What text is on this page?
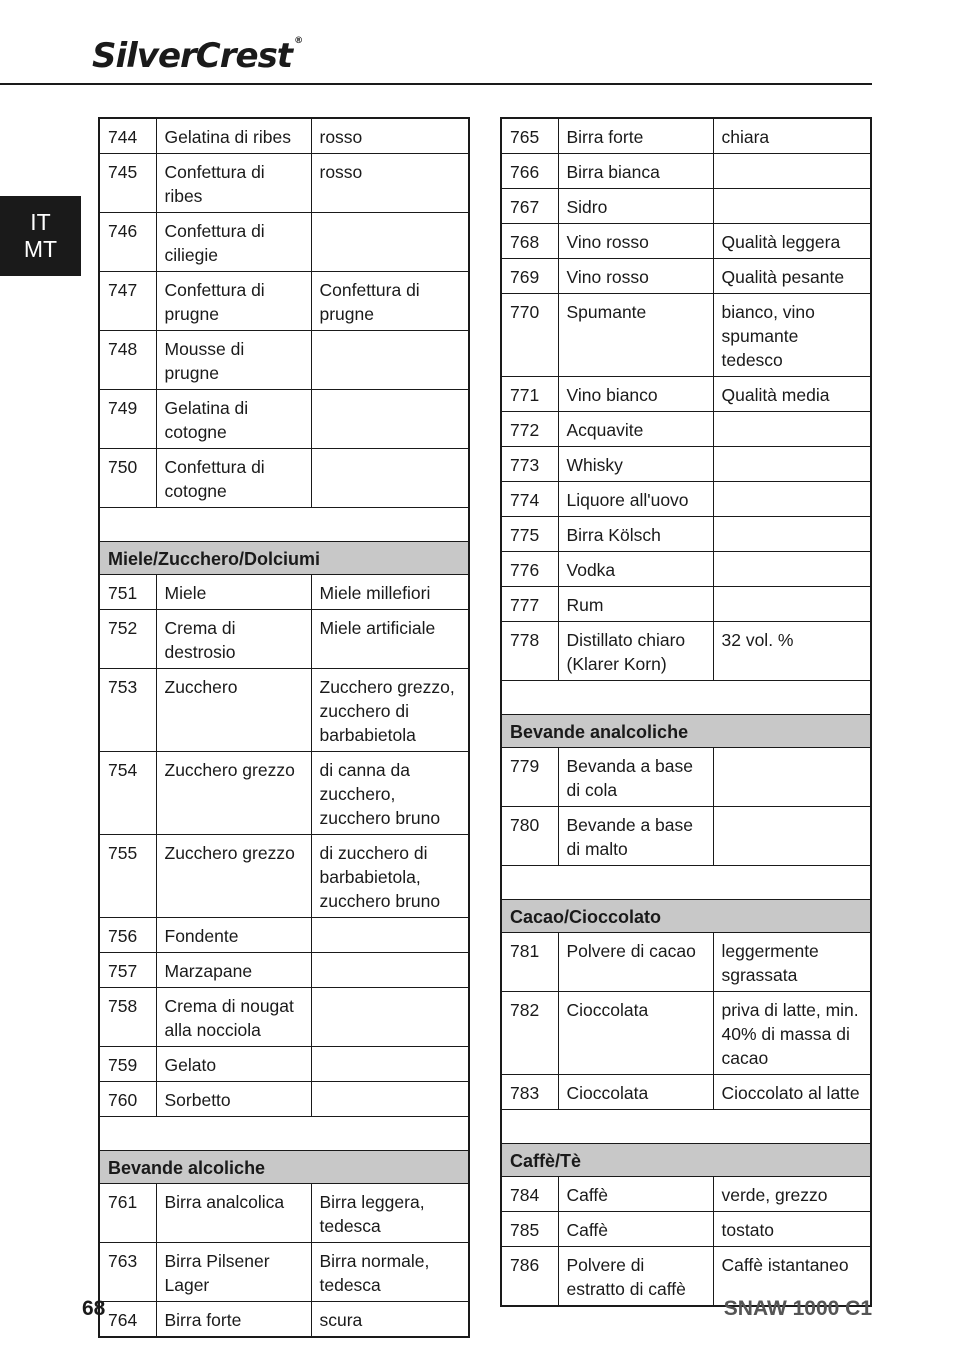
SilverCrest ®
IT
MT
744	Gelatina di ribes	rosso
745	Confettura di ribes	rosso
746	Confettura di ciliegie	
747	Confettura di prugne	Confettura di prugne
748	Mousse di prugne	
749	Gelatina di cotogne	
750	Confettura di cotogne	

Miele/Zucchero/Dolciumi		
751	Miele	Miele millefiori
752	Crema di destrosio	Miele artificiale
753	Zucchero	Zucchero grezzo, zucchero di barbabietola
754	Zucchero grezzo	di canna da zucchero, zucchero bruno
755	Zucchero grezzo	di zucchero di barbabietola, zucchero bruno
756	Fondente	
757	Marzapane	
758	Crema di nougat alla nocciola	
759	Gelato	
760	Sorbetto	

Bevande alcoliche		
761	Birra analcolica	Birra leggera, tedesca
763	Birra Pilsener Lager	Birra normale, tedesca
764	Birra forte	scura
765	Birra forte	chiara
766	Birra bianca	
767	Sidro	
768	Vino rosso	Qualità leggera
769	Vino rosso	Qualità pesante
770	Spumante	bianco, vino spumante tedesco
771	Vino bianco	Qualità media
772	Acquavite	
773	Whisky	
774	Liquore all'uovo	
775	Birra Kölsch	
776	Vodka	
777	Rum	
778	Distillato chiaro (Klarer Korn)	32 vol. %

Bevande analcoliche		
779	Bevanda a base di cola	
780	Bevande a base di malto	

Cacao/Cioccolato		
781	Polvere di cacao	leggermente sgrassata
782	Cioccolata	priva di latte, min. 40% di massa di cacao
783	Cioccolata	Cioccolato al latte

Caffè/Tè		
784	Caffè	verde, grezzo
785	Caffè	tostato
786	Polvere di estratto di caffè	Caffè istantaneo
68	SNAW 1000 C1
